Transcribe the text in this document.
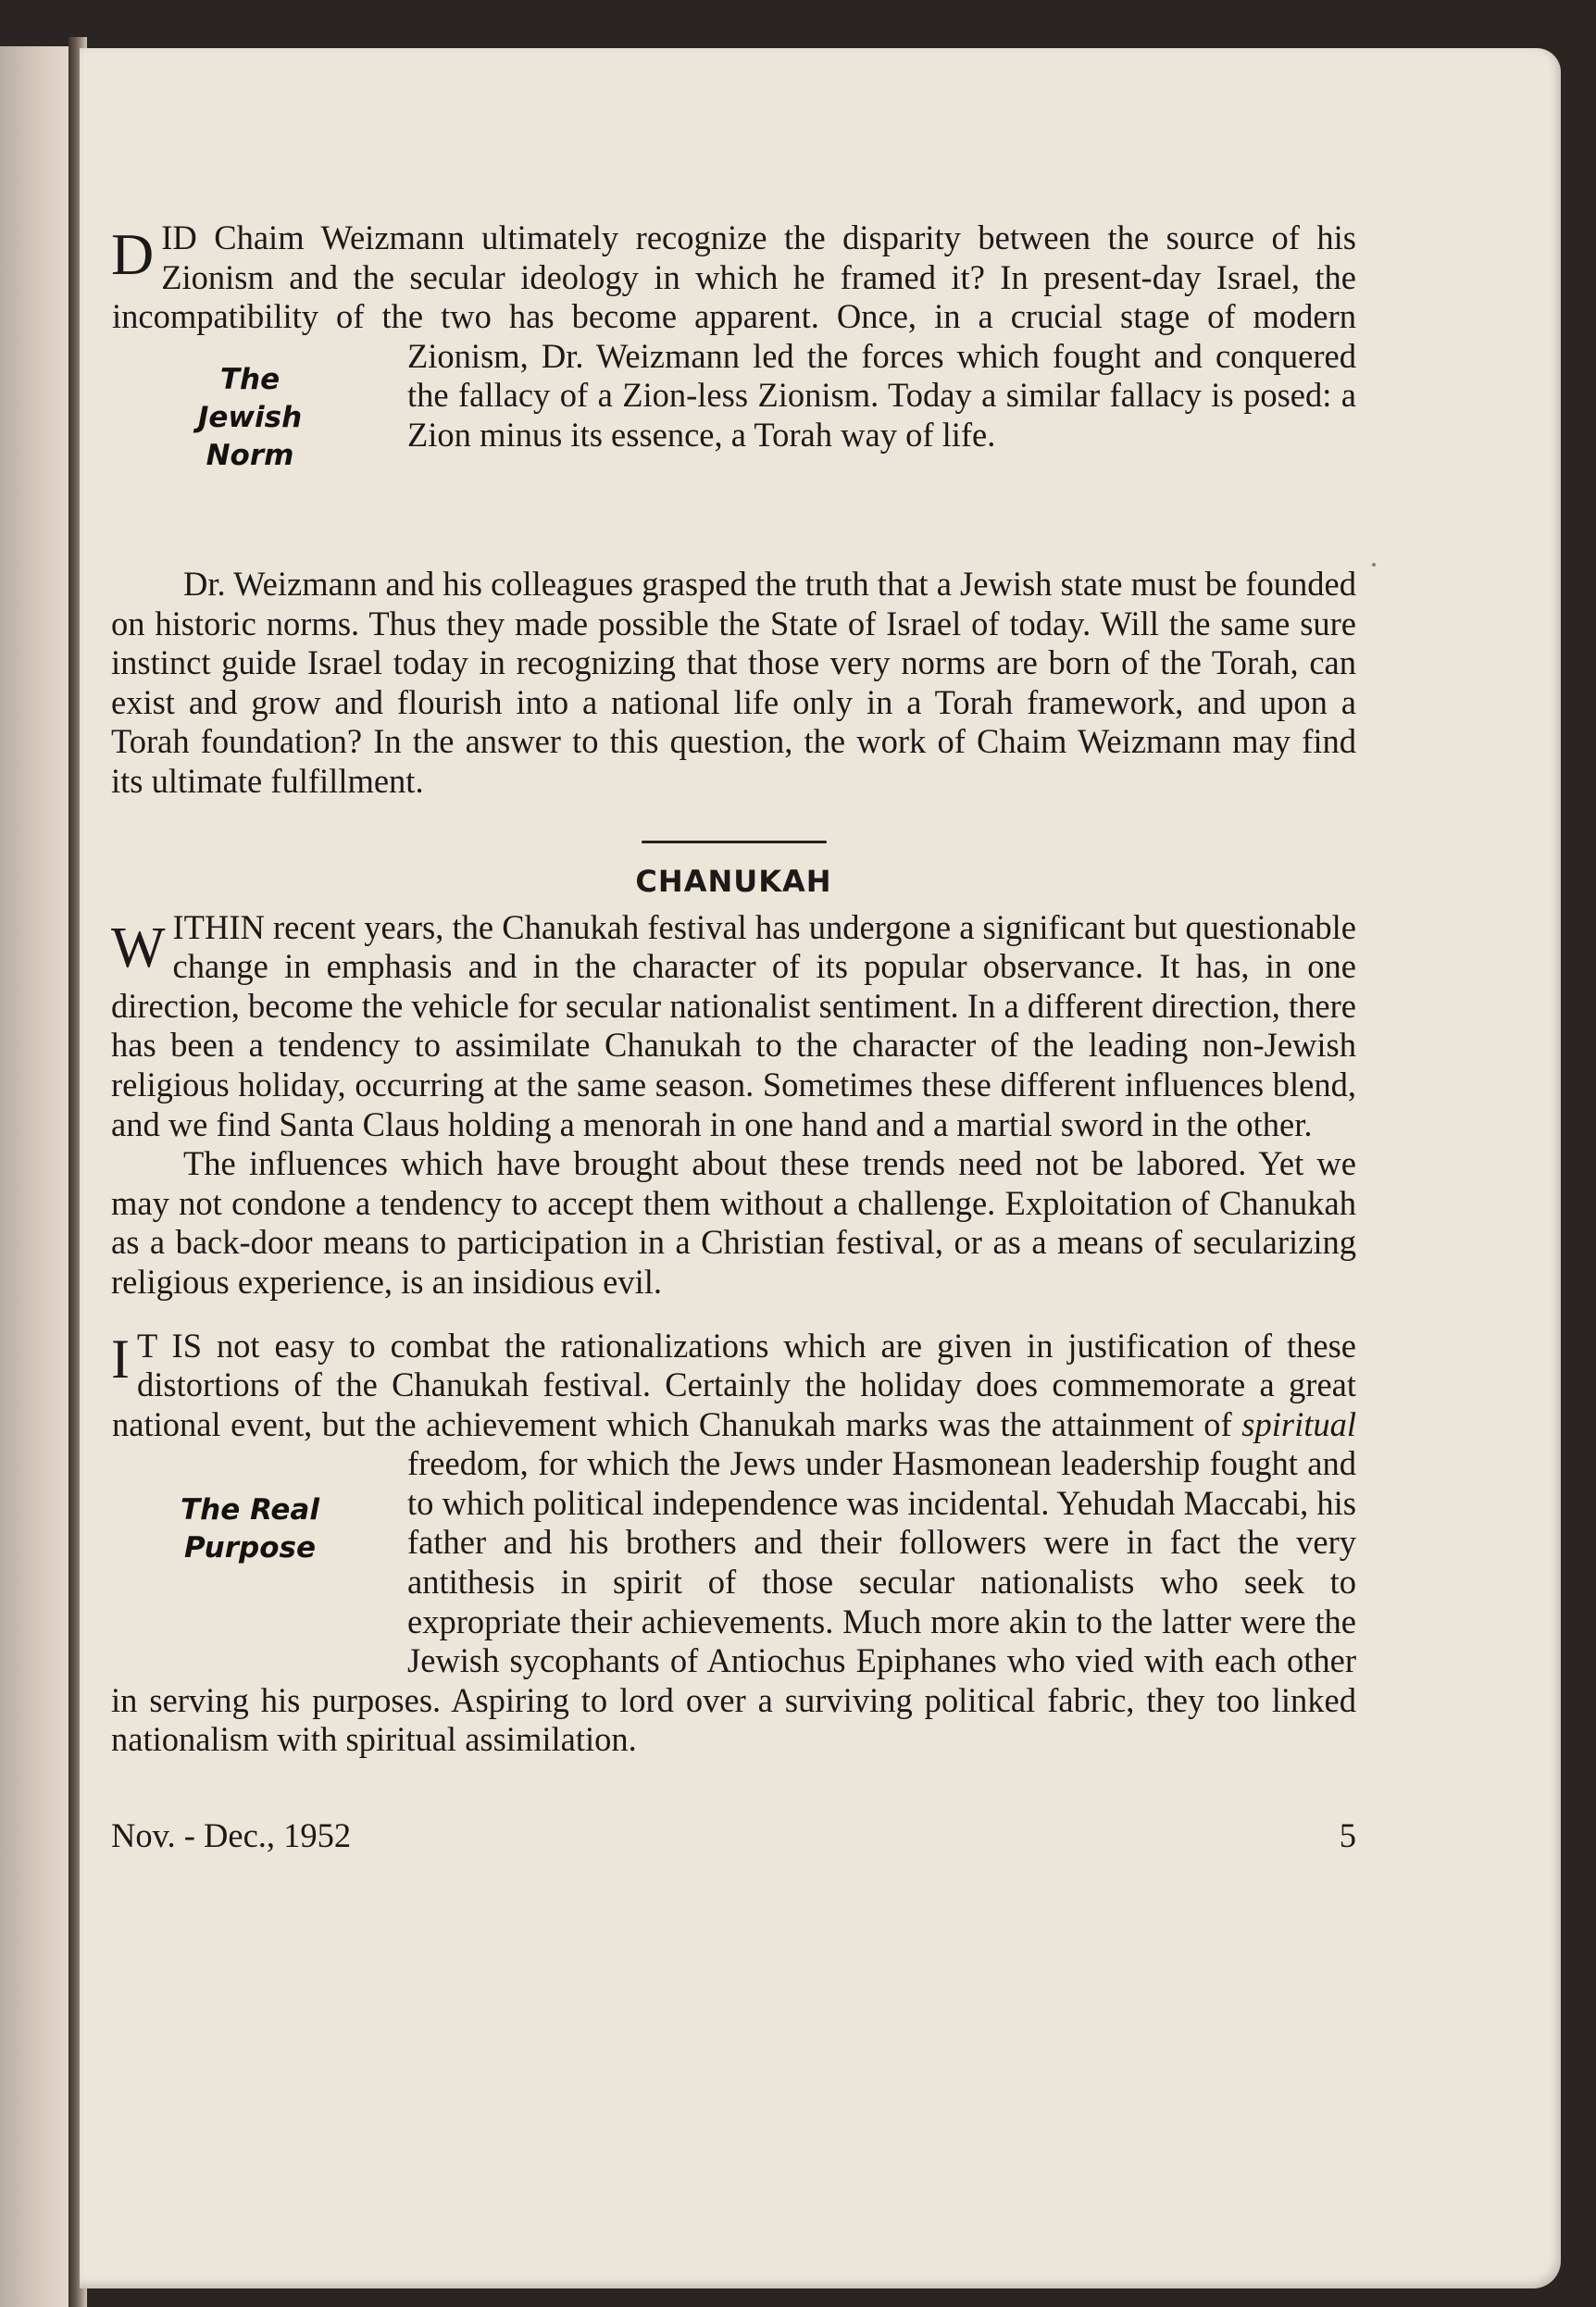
D
The
Jewish
Norm

ID Chaim Weizmann ultimately recognize the disparity between the source of his Zionism and the secular ideology in which he framed it? In present-day Israel, the incompatibility of the two has become apparent. Once, in a crucial stage of modern Zionism, Dr. Weizmann led the forces which fought and conquered the fallacy of a Zion-less Zionism. Today a similar fallacy is posed: a Zion minus its essence, a Torah way of life.

Dr. Weizmann and his colleagues grasped the truth that a Jewish state must be founded on historic norms. Thus they made possible the State of Israel of today. Will the same sure instinct guide Israel today in recognizing that those very norms are born of the Torah, can exist and grow and flourish into a national life only in a Torah framework, and upon a Torah foundation? In the answer to this question, the work of Chaim Weizmann may find its ultimate fulfillment.

CHANUKAH

W ITHIN recent years, the Chanukah festival has undergone a significant but questionable change in emphasis and in the character of its popular observance. It has, in one direction, become the vehicle for secular nationalist sentiment. In a different direction, there has been a tendency to assimilate Chanukah to the character of the leading non-Jewish religious holiday, occurring at the same season. Sometimes these different influences blend, and we find Santa Claus holding a menorah in one hand and a martial sword in the other.

The influences which have brought about these trends need not be labored. Yet we may not condone a tendency to accept them without a challenge. Exploitation of Chanukah as a back-door means to participation in a Christian festival, or as a means of secularizing religious experience, is an insidious evil.

I
The Real
Purpose

T IS not easy to combat the rationalizations which are given in justification of these distortions of the Chanukah festival. Certainly the holiday does commemorate a great national event, but the achievement which Chanukah marks was the attainment of spiritual freedom, for which the Jews under Hasmonean leadership fought and to which political independence was incidental. Yehudah Maccabi, his father and his brothers and their followers were in fact the very antithesis in spirit of those secular nationalists who seek to expropriate their achievements. Much more akin to the latter were the Jewish sycophants of Antiochus Epiphanes who vied with each other in serving his purposes. Aspiring to lord over a surviving political fabric, they too linked nationalism with spiritual assimilation.

Nov. - Dec., 1952	5
